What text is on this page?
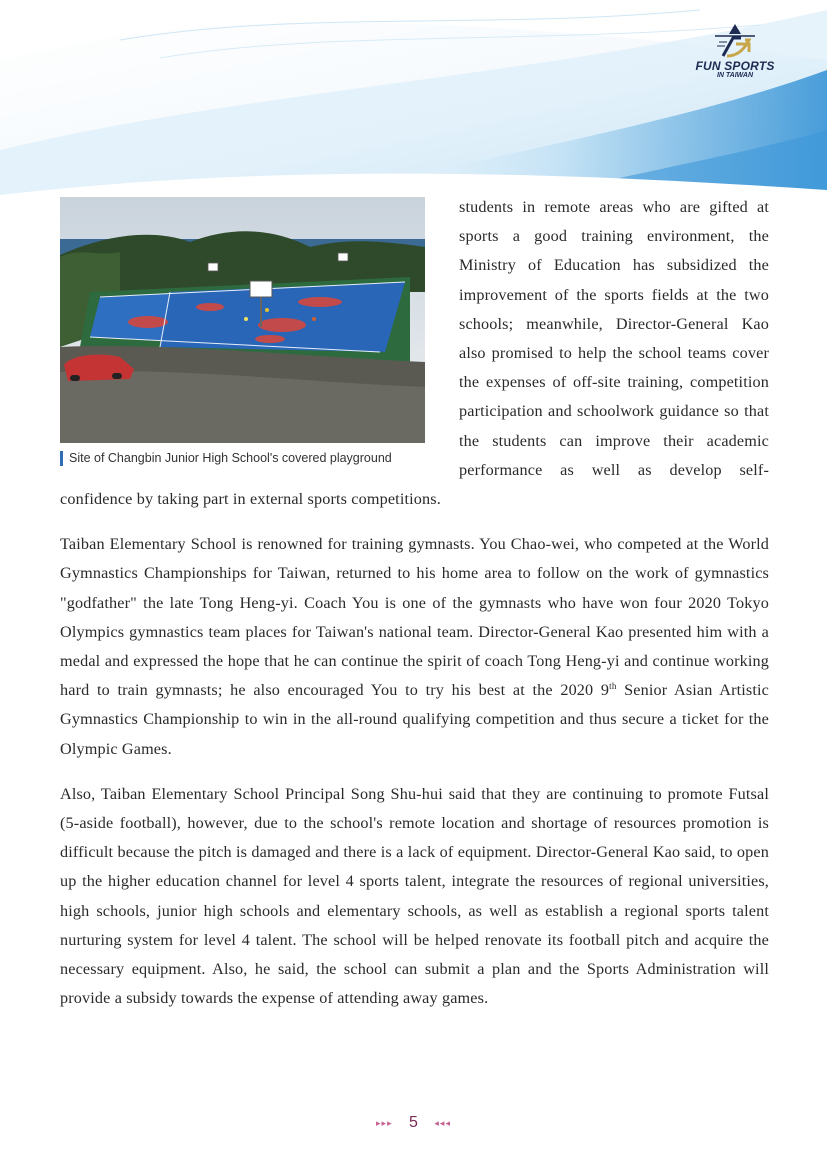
FUN SPORTS
IN TAIWAN
Site of Changbin Junior High School's covered playground

students in remote areas who are gifted at sports a good training environment, the Ministry of Education has subsidized the improvement of the sports fields at the two schools; meanwhile, Director-General Kao also promised to help the school teams cover the expenses of off-site training, competition participation and schoolwork guidance so that the students can improve their academic performance as well as develop self-confidence by taking part in external sports competitions.

Taiban Elementary School is renowned for training gymnasts. You Chao-wei, who competed at the World Gymnastics Championships for Taiwan, returned to his home area to follow on the work of gymnastics "godfather" the late Tong Heng-yi. Coach You is one of the gymnasts who have won four 2020 Tokyo Olympics gymnastics team places for Taiwan's national team. Director-General Kao presented him with a medal and expressed the hope that he can continue the spirit of coach Tong Heng-yi and continue working hard to train gymnasts; he also encouraged You to try his best at the 2020 9th Senior Asian Artistic Gymnastics Championship to win in the all-round qualifying competition and thus secure a ticket for the Olympic Games.

Also, Taiban Elementary School Principal Song Shu-hui said that they are continuing to promote Futsal (5-aside football), however, due to the school's remote location and shortage of resources promotion is difficult because the pitch is damaged and there is a lack of equipment. Director-General Kao said, to open up the higher education channel for level 4 sports talent, integrate the resources of regional universities, high schools, junior high schools and elementary schools, as well as establish a regional sports talent nurturing system for level 4 talent. The school will be helped renovate its football pitch and acquire the necessary equipment. Also, he said, the school can submit a plan and the Sports Administration will provide a subsidy towards the expense of attending away games.

▸▸▸ 5 ◂◂◂
